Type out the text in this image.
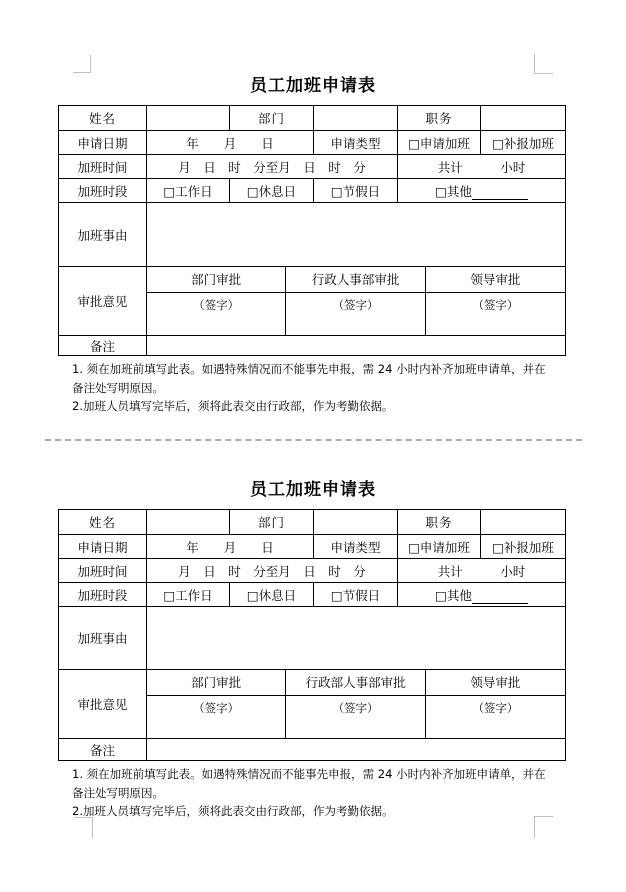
员工加班申请表
姓名		部门		职务	
申请日期	年　　月　　日	申请类型	□申请加班	□补报加班
加班时间	月　日　时　分至月　日　时　分	共计　　　小时
加班时段	□工作日	□休息日	□节假日	□其他
加班事由	
审批意见	
部门审批	行政人事部审批	领导审批
（签字）	（签字）	（签字）

备注	

1. 须在加班前填写此表。如遇特殊情况而不能事先申报，需 24 小时内补齐加班申请单，并在备注处写明原因。

2.加班人员填写完毕后，须将此表交由行政部，作为考勤依据。

员工加班申请表
姓名		部门		职务	
申请日期	年　　月　　日	申请类型	□申请加班	□补报加班
加班时间	月　日　时　分至月　日　时　分	共计　　　小时
加班时段	□工作日	□休息日	□节假日	□其他
加班事由	
审批意见	
部门审批	行政部人事部审批	领导审批
（签字）	（签字）	（签字）

备注	

1. 须在加班前填写此表。如遇特殊情况而不能事先申报，需 24 小时内补齐加班申请单，并在备注处写明原因。

2.加班人员填写完毕后，须将此表交由行政部，作为考勤依据。
